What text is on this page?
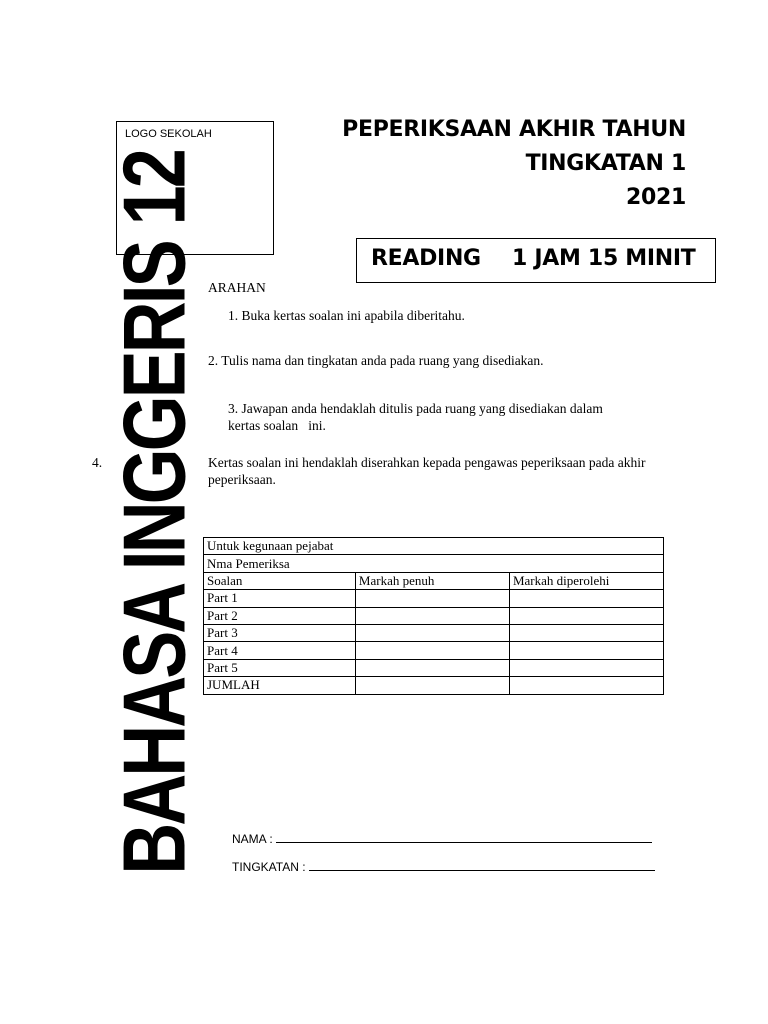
LOGO SEKOLAH	PEPERIKSAAN AKHIR TAHUN
TINGKATAN 1
2021
READING 1 JAM 15 MINIT
BAHASA INGGERIS 12 ARAHAN
1. Buka kertas soalan ini apabila diberitahu.
2. Tulis nama dan tingkatan anda pada ruang yang disediakan.
3. Jawapan anda hendaklah ditulis pada ruang yang disediakan dalam
kertas soalan   ini.
4.	Kertas soalan ini hendaklah diserahkan kepada pengawas peperiksaan pada akhir peperiksaan.
Untuk kegunaan pejabat		
Nma Pemeriksa		
Soalan	Markah penuh	Markah diperolehi
Part 1		
Part 2		
Part 3		
Part 4		
Part 5		
JUMLAH		
NAMA :
TINGKATAN :
